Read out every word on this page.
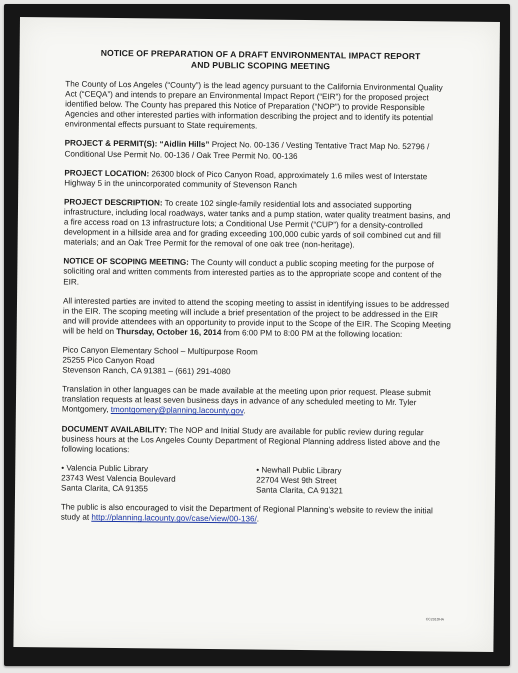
NOTICE OF PREPARATION OF A DRAFT ENVIRONMENTAL IMPACT REPORT
AND PUBLIC SCOPING MEETING

The County of Los Angeles (“County”) is the lead agency pursuant to the California Environmental Quality Act (“CEQA”) and intends to prepare an Environmental Impact Report (“EIR”) for the proposed project identified below. The County has prepared this Notice of Preparation (“NOP”) to provide Responsible Agencies and other interested parties with information describing the project and to identify its potential environmental effects pursuant to State requirements.

PROJECT & PERMIT(S): “Aidlin Hills” Project No. 00-136 / Vesting Tentative Tract Map No. 52796 / Conditional Use Permit No. 00-136 / Oak Tree Permit No. 00-136

PROJECT LOCATION: 26300 block of Pico Canyon Road, approximately 1.6 miles west of Interstate Highway 5 in the unincorporated community of Stevenson Ranch

PROJECT DESCRIPTION: To create 102 single-family residential lots and associated supporting infrastructure, including local roadways, water tanks and a pump station, water quality treatment basins, and a fire access road on 13 infrastructure lots; a Conditional Use Permit (“CUP”) for a density-controlled development in a hillside area and for grading exceeding 100,000 cubic yards of soil combined cut and fill materials; and an Oak Tree Permit for the removal of one oak tree (non-heritage).

NOTICE OF SCOPING MEETING: The County will conduct a public scoping meeting for the purpose of soliciting oral and written comments from interested parties as to the appropriate scope and content of the EIR.

All interested parties are invited to attend the scoping meeting to assist in identifying issues to be addressed in the EIR. The scoping meeting will include a brief presentation of the project to be addressed in the EIR and will provide attendees with an opportunity to provide input to the Scope of the EIR. The Scoping Meeting will be held on Thursday, October 16, 2014 from 6:00 PM to 8:00 PM at the following location:

Pico Canyon Elementary School – Multipurpose Room
25255 Pico Canyon Road
Stevenson Ranch, CA 91381 – (661) 291-4080

Translation in other languages can be made available at the meeting upon prior request. Please submit translation requests at least seven business days in advance of any scheduled meeting to Mr. Tyler Montgomery, tmontgomery@planning.lacounty.gov.

DOCUMENT AVAILABILITY: The NOP and Initial Study are available for public review during regular business hours at the Los Angeles County Department of Regional Planning address listed above and the following locations:

• Valencia Public Library
23743 West Valencia Boulevard
Santa Clarita, CA 91355
• Newhall Public Library
22704 West 9th Street
Santa Clarita, CA 91321

The public is also encouraged to visit the Department of Regional Planning’s website to review the initial study at http://planning.lacounty.gov/case/view/00-136/.

CC201DHA
